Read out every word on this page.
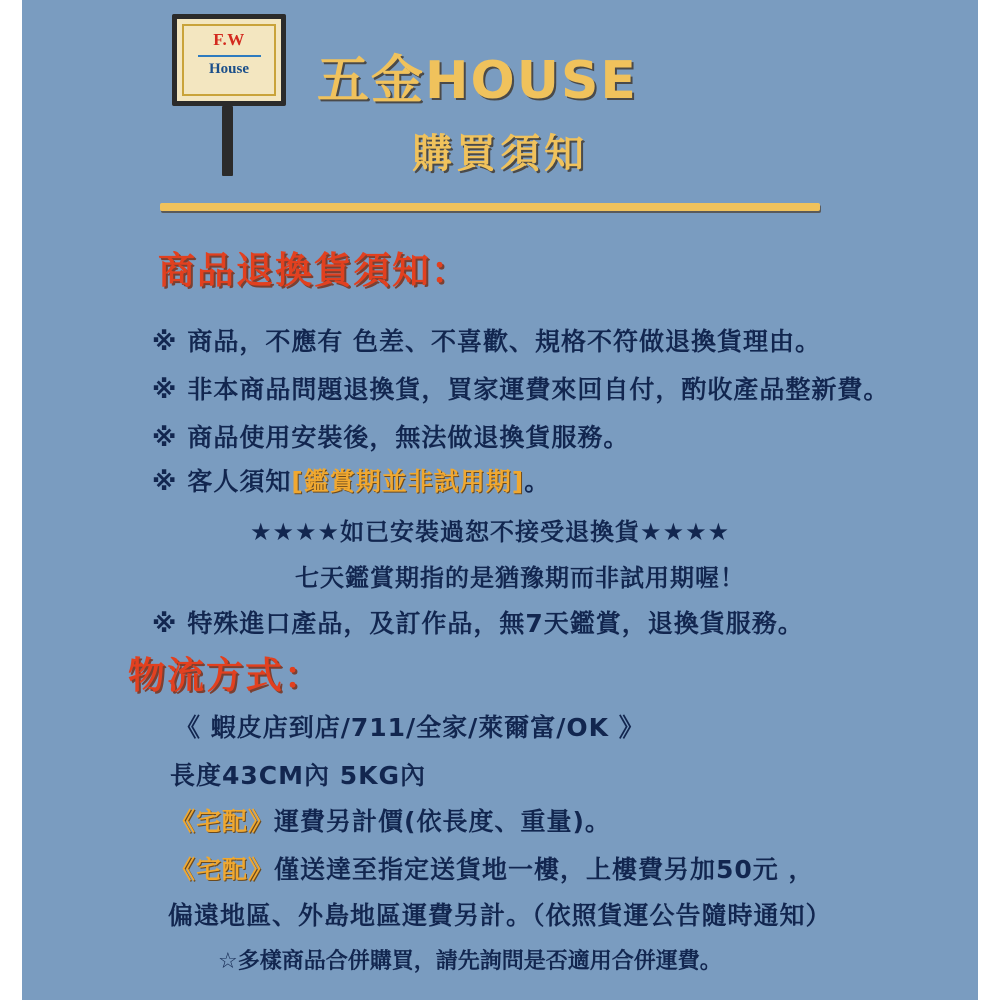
F.W
House 五金HOUSE
購買須知
商品退換貨須知：
※ 商品，不應有 色差、不喜歡、規格不符做退換貨理由。
※ 非本商品問題退換貨，買家運費來回自付，酌收產品整新費。
※ 商品使用安裝後，無法做退換貨服務。
※ 客人須知[鑑賞期並非試用期]。
★★★★如已安裝過恕不接受退換貨★★★★
七天鑑賞期指的是猶豫期而非試用期喔！
※ 特殊進口產品，及訂作品，無7天鑑賞，退換貨服務。
物流方式：
《 蝦皮店到店/711/全家/萊爾富/OK 》
長度43CM內 5KG內
《宅配》運費另計價(依長度、重量)。
《宅配》僅送達至指定送貨地一樓，上樓費另加50元 ，
偏遠地區、外島地區運費另計。（依照貨運公告隨時通知）
☆多樣商品合併購買，請先詢問是否適用合併運費。
